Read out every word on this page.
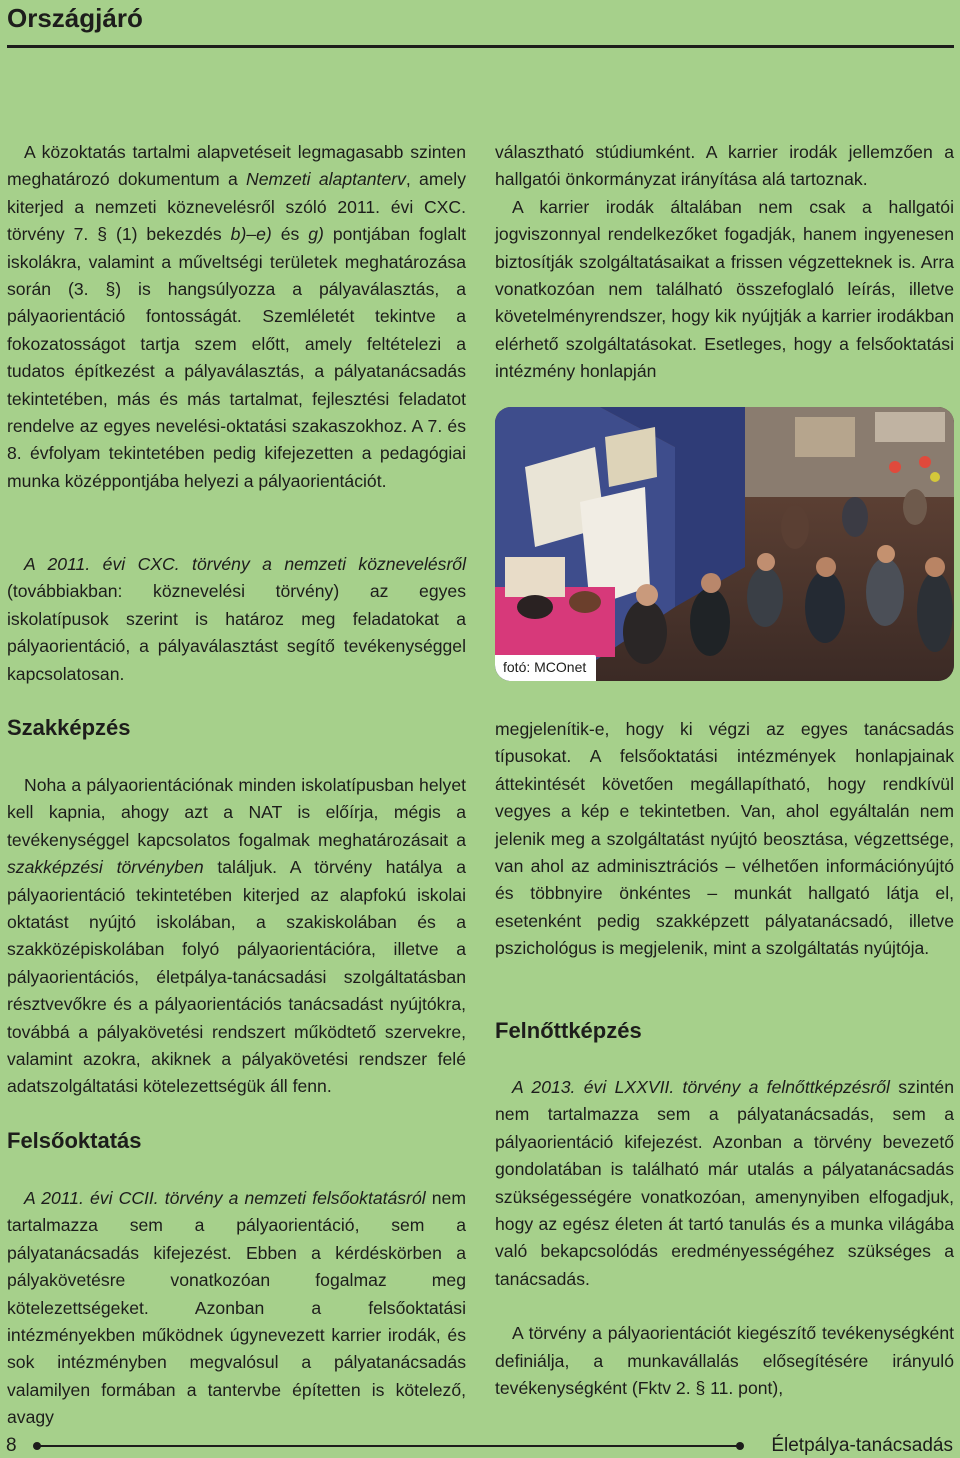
Országjáró

A közoktatás tartalmi alapvetéseit legmagasabb szinten meghatározó dokumentum a Nemzeti alaptanterv, amely kiterjed a nemzeti köznevelésről szóló 2011. évi CXC. törvény 7. § (1) bekezdés b)–e) és g) pontjában foglalt iskolákra, valamint a műveltségi területek meghatározása során (3. §) is hangsúlyozza a pályaválasztás, a pályaorientáció fontosságát. Szemléletét tekintve a fokozatosságot tartja szem előtt, amely feltételezi a tudatos építkezést a pályaválasztás, a pályatanácsadás tekintetében, más és más tartalmat, fejlesztési feladatot rendelve az egyes nevelési-oktatási szakaszokhoz. A 7. és 8. évfolyam tekintetében pedig kifejezetten a pedagógiai munka középpontjába helyezi a pályaorientációt.

A 2011. évi CXC. törvény a nemzeti köznevelésről (továbbiakban: köznevelési törvény) az egyes iskolatípusok szerint is határoz meg feladatokat a pályaorientáció, a pályaválasztást segítő tevékenységgel kapcsolatosan.

Szakképzés

Noha a pályaorientációnak minden iskolatípusban helyet kell kapnia, ahogy azt a NAT is előírja, mégis a tevékenységgel kapcsolatos fogalmak meghatározásait a szakképzési törvényben találjuk. A törvény hatálya a pályaorientáció tekintetében kiterjed az alapfokú iskolai oktatást nyújtó iskolában, a szakiskolában és a szakközépiskolában folyó pályaorientációra, illetve a pályaorientációs, életpálya-tanácsadási szolgáltatásban résztvevőkre és a pályaorientációs tanácsadást nyújtókra, továbbá a pályakövetési rendszert működtető szervekre, valamint azokra, akiknek a pályakövetési rendszer felé adatszolgáltatási kötelezettségük áll fenn.

Felsőoktatás

A 2011. évi CCII. törvény a nemzeti felsőoktatásról nem tartalmazza sem a pályaorientáció, sem a pályatanácsadás kifejezést. Ebben a kérdéskörben a pályakövetésre vonatkozóan fogalmaz meg kötelezettségeket. Azonban a felsőoktatási intézményekben működnek úgynevezett karrier irodák, és sok intézményben megvalósul a pályatanácsadás valamilyen formában a tantervbe építetten is kötelező, avagy

választható stúdiumként. A karrier irodák jellemzően a hallgatói önkormányzat irányítása alá tartoznak.

A karrier irodák általában nem csak a hallgatói jogviszonnyal rendelkezőket fogadják, hanem ingyenesen biztosítják szolgáltatásaikat a frissen végzetteknek is. Arra vonatkozóan nem található összefoglaló leírás, illetve követelményrendszer, hogy kik nyújtják a karrier irodákban elérhető szolgáltatásokat. Esetleges, hogy a felsőoktatási intézmény honlapján

fotó: MCOnet

megjelenítik-e, hogy ki végzi az egyes tanácsadás típusokat. A felsőoktatási intézmények honlapjainak áttekintését követően megállapítható, hogy rendkívül vegyes a kép e tekintetben. Van, ahol egyáltalán nem jelenik meg a szolgáltatást nyújtó beosztása, végzettsége, van ahol az adminisztrációs – vélhetően információnyújtó és többnyire önkéntes – munkát hallgató látja el, esetenként pedig szakképzett pályatanácsadó, illetve pszichológus is megjelenik, mint a szolgáltatás nyújtója.

Felnőttképzés

A 2013. évi LXXVII. törvény a felnőttképzésről szintén nem tartalmazza sem a pályatanácsadás, sem a pályaorientáció kifejezést. Azonban a törvény bevezető gondolatában is található már utalás a pályatanácsadás szükségességére vonatkozóan, amenynyiben elfogadjuk, hogy az egész életen át tartó tanulás és a munka világába való bekapcsolódás eredményességéhez szükséges a tanácsadás.

A törvény a pályaorientációt kiegészítő tevékenységként definiálja, a munkavállalás elősegítésére irányuló tevékenységként (Fktv 2. § 11. pont),

8	Életpálya-tanácsadás
